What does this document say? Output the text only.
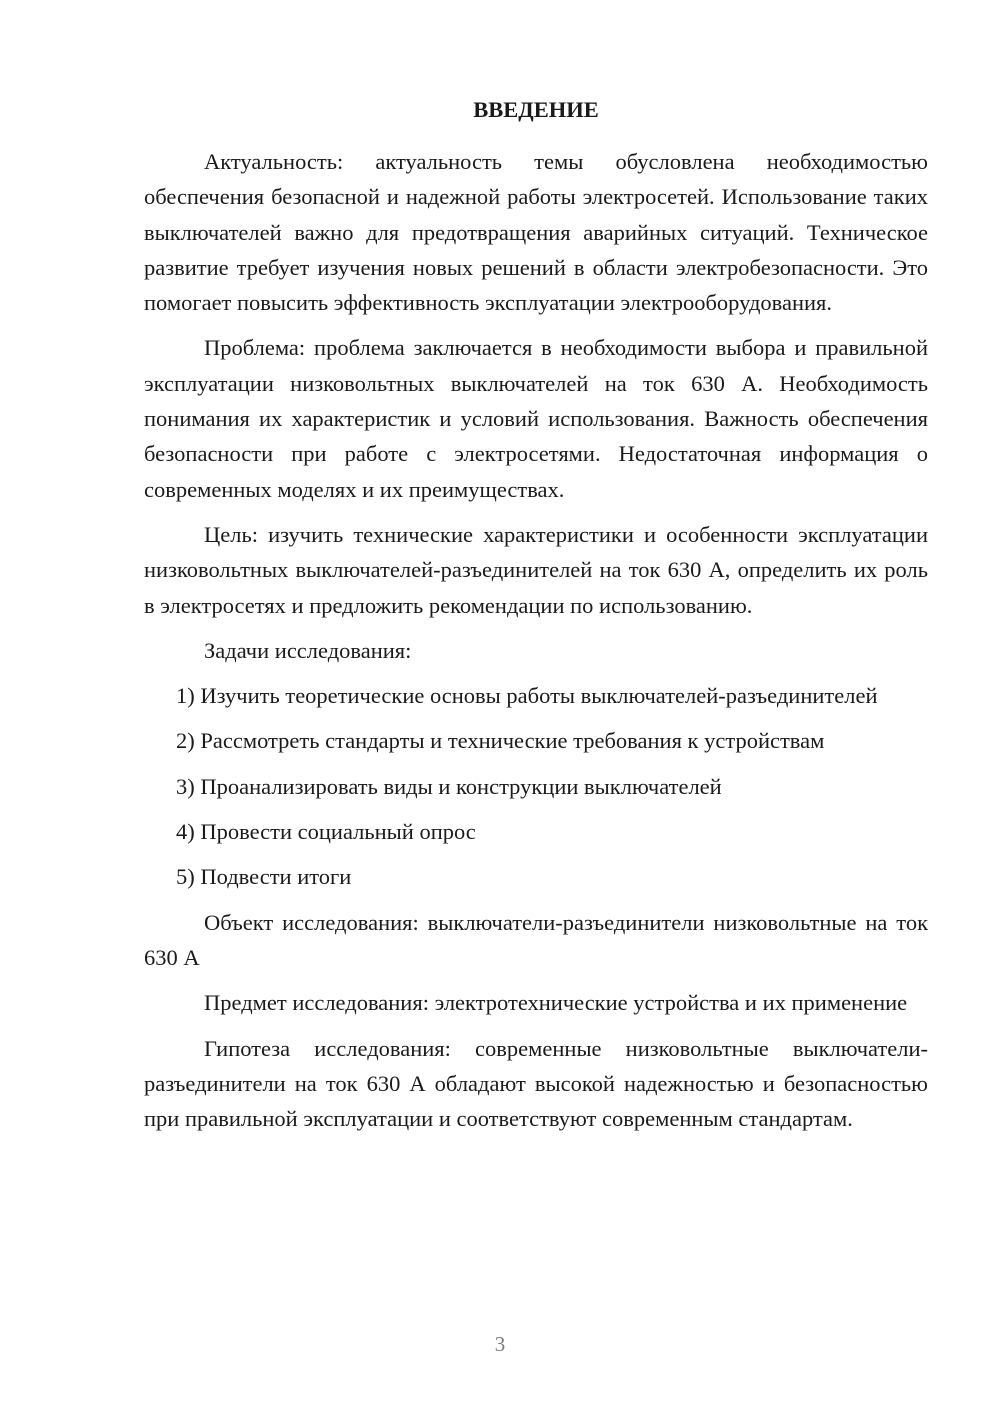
ВВЕДЕНИЕ

Актуальность: актуальность темы обусловлена необходимостью обеспечения безопасной и надежной работы электросетей. Использование таких выключателей важно для предотвращения аварийных ситуаций. Техническое развитие требует изучения новых решений в области электробезопасности. Это помогает повысить эффективность эксплуатации электрооборудования.

Проблема: проблема заключается в необходимости выбора и правильной эксплуатации низковольтных выключателей на ток 630 А. Необходимость понимания их характеристик и условий использования. Важность обеспечения безопасности при работе с электросетями. Недостаточная информация о современных моделях и их преимуществах.

Цель: изучить технические характеристики и особенности эксплуатации низковольтных выключателей-разъединителей на ток 630 А, определить их роль в электросетях и предложить рекомендации по использованию.

Задачи исследования:

1) Изучить теоретические основы работы выключателей-разъединителей

2) Рассмотреть стандарты и технические требования к устройствам

3) Проанализировать виды и конструкции выключателей

4) Провести социальный опрос

5) Подвести итоги

Объект исследования: выключатели-разъединители низковольтные на ток 630 А

Предмет исследования: электротехнические устройства и их применение

Гипотеза исследования: современные низковольтные выключатели-разъединители на ток 630 А обладают высокой надежностью и безопасностью при правильной эксплуатации и соответствуют современным стандартам.

3
